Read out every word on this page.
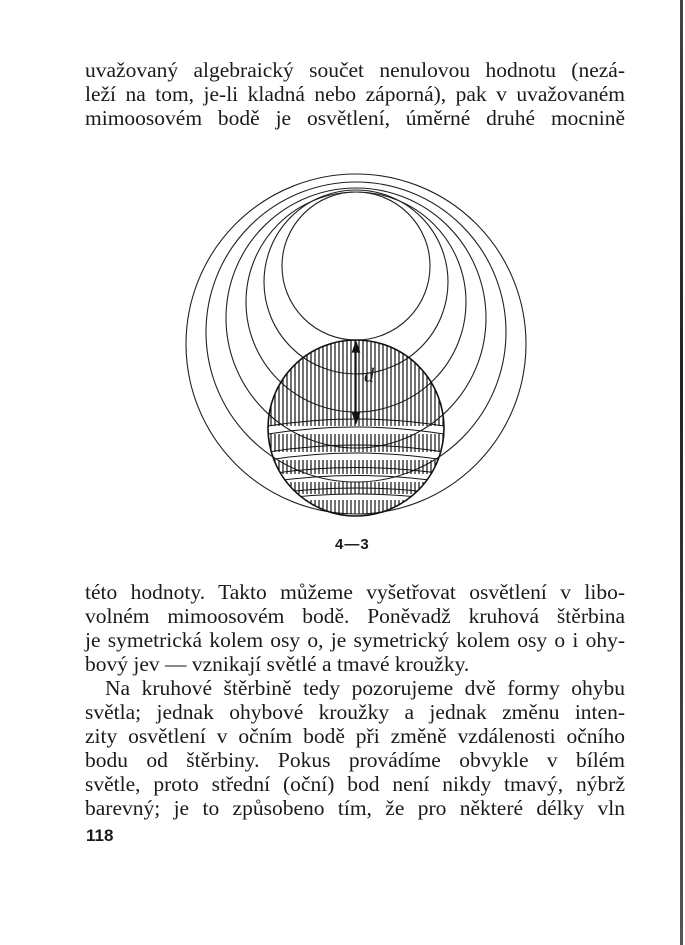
uvažovaný algebraický součet nenulovou hodnotu (nezá-
leží na tom, je-li kladná nebo záporná), pak v uvažovaném
mimoosovém bodě je osvětlení, úměrné druhé mocnině
d
4—3
této hodnoty. Takto můžeme vyšetřovat osvětlení v libo-
volném mimoosovém bodě. Poněvadž kruhová štěrbina
je symetrická kolem osy o, je symetrický kolem osy o i ohy-
bový jev — vznikají světlé a tmavé kroužky.
Na kruhové štěrbině tedy pozorujeme dvě formy ohybu
světla; jednak ohybové kroužky a jednak změnu inten-
zity osvětlení v očním bodě při změně vzdálenosti očního
bodu od štěrbiny. Pokus provádíme obvykle v bílém
světle, proto střední (oční) bod není nikdy tmavý, nýbrž
barevný; je to způsobeno tím, že pro některé délky vln
118
